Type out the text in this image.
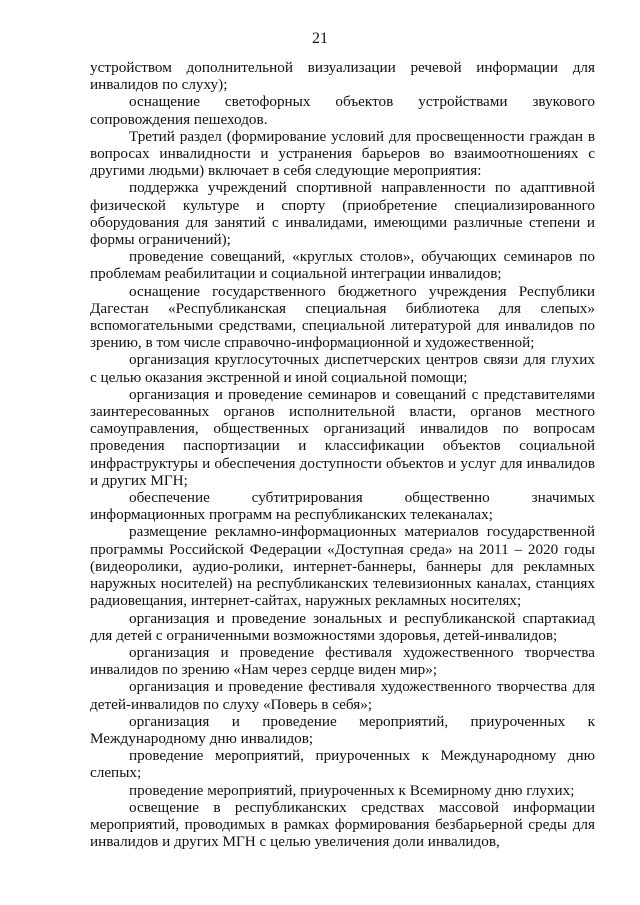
21

устройством дополнительной визуализации речевой информации для инвалидов по слуху);

оснащение светофорных объектов устройствами звукового сопровождения пешеходов.

Третий раздел (формирование условий для просвещенности граждан в вопросах инвалидности и устранения барьеров во взаимоотношениях с другими людьми) включает в себя следующие мероприятия:

поддержка учреждений спортивной направленности по адаптивной физической культуре и спорту (приобретение специализированного оборудования для занятий с инвалидами, имеющими различные степени и формы ограничений);

проведение совещаний, «круглых столов», обучающих семинаров по проблемам реабилитации и социальной интеграции инвалидов;

оснащение государственного бюджетного учреждения Республики Дагестан «Республиканская специальная библиотека для слепых» вспомогательными средствами, специальной литературой для инвалидов по зрению, в том числе справочно-информационной и художественной;

организация круглосуточных диспетчерских центров связи для глухих с целью оказания экстренной и иной социальной помощи;

организация и проведение семинаров и совещаний с представителями заинтересованных органов исполнительной власти, органов местного самоуправления, общественных организаций инвалидов по вопросам проведения паспортизации и классификации объектов социальной инфраструктуры и обеспечения доступности объектов и услуг для инвалидов и других МГН;

обеспечение субтитрирования общественно значимых информационных программ на республиканских телеканалах;

размещение рекламно-информационных материалов государственной программы Российской Федерации «Доступная среда» на 2011 – 2020 годы (видеоролики, аудио-ролики, интернет-баннеры, баннеры для рекламных наружных носителей) на республиканских телевизионных каналах, станциях радиовещания, интернет-сайтах, наружных рекламных носителях;

организация и проведение зональных и республиканской спартакиад для детей с ограниченными возможностями здоровья, детей-инвалидов;

организация и проведение фестиваля художественного творчества инвалидов по зрению «Нам через сердце виден мир»;

организация и проведение фестиваля художественного творчества для детей-инвалидов по слуху «Поверь в себя»;

организация и проведение мероприятий, приуроченных к Международному дню инвалидов;

проведение мероприятий, приуроченных к Международному дню слепых;

проведение мероприятий, приуроченных к Всемирному дню глухих;

освещение в республиканских средствах массовой информации мероприятий, проводимых в рамках формирования безбарьерной среды для инвалидов и других МГН с целью увеличения доли инвалидов,
